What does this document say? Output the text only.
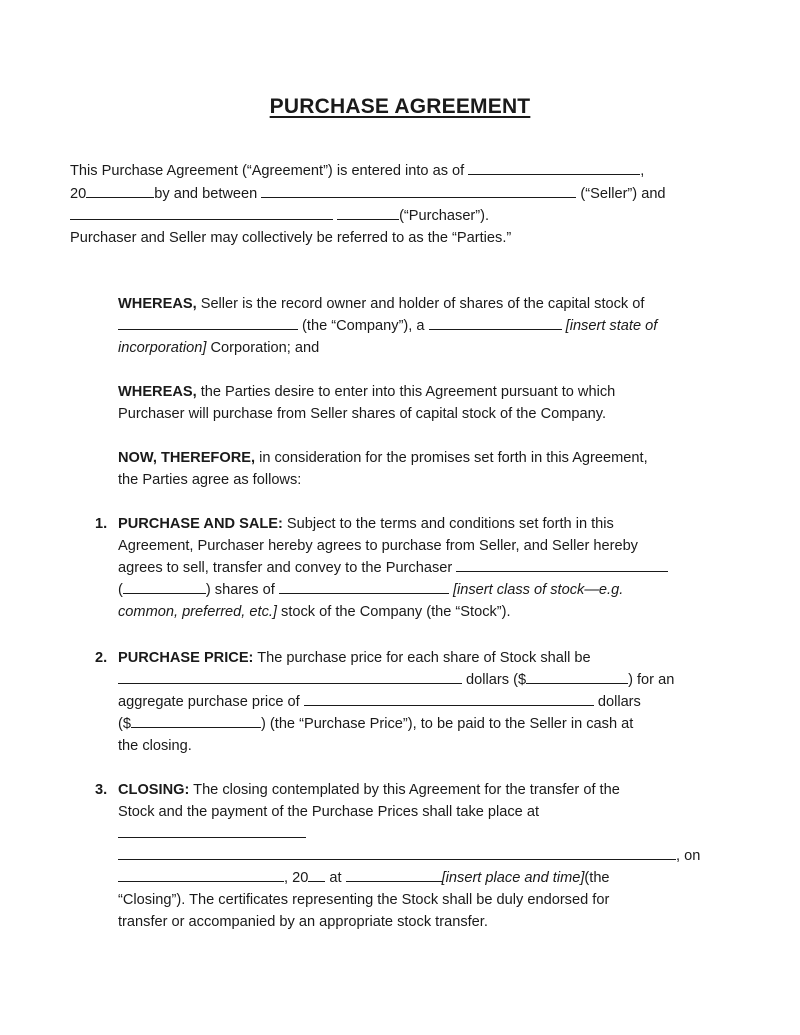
PURCHASE AGREEMENT
This Purchase Agreement (“Agreement”) is entered into as of	,
20	by and between	(“Seller”) and
(“Purchaser”).
Purchaser and Seller may collectively be referred to as the “Parties.”
WHEREAS, Seller is the record owner and holder of shares of the capital stock of
(the “Company”), a	[insert state of
incorporation] Corporation; and
WHEREAS, the Parties desire to enter into this Agreement pursuant to which
Purchaser will purchase from Seller shares of capital stock of the Company.
NOW, THEREFORE, in consideration for the promises set forth in this Agreement,
the Parties agree as follows:
1. PURCHASE AND SALE: Subject to the terms and conditions set forth in this
Agreement, Purchaser hereby agrees to purchase from Seller, and Seller hereby
agrees to sell, transfer and convey to the Purchaser
(	) shares of	[insert class of stock—e.g.
common, preferred, etc.] stock of the Company (the “Stock”).
2. PURCHASE PRICE: The purchase price for each share of Stock shall be
dollars ($	) for an
aggregate purchase price of	dollars
($	) (the “Purchase Price”), to be paid to the Seller in cash at
the closing.
3. CLOSING: The closing contemplated by this Agreement for the transfer of the
Stock and the payment of the Purchase Prices shall take place at
, on
, 20 at	[insert place and time](the
“Closing”). The certificates representing the Stock shall be duly endorsed for
transfer or accompanied by an appropriate stock transfer.
